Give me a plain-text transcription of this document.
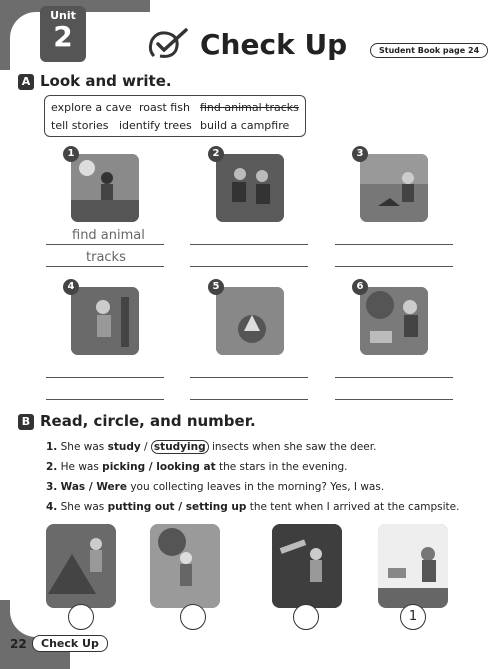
Unit
2	Check Up	Student Book page 24
A Look and write.
explore a cave roast fish find animal tracks
tell stories identify trees build a campfire
1	2	3
find animal
tracks
4	5	6
B Read, circle, and number.
1. She was study / studying insects when she saw the deer.
2. He was picking / looking at the stars in the evening.
3. Was / Were you collecting leaves in the morning? Yes, I was.
4. She was putting out / setting up the tent when I arrived at the campsite.
1
22	Check Up
